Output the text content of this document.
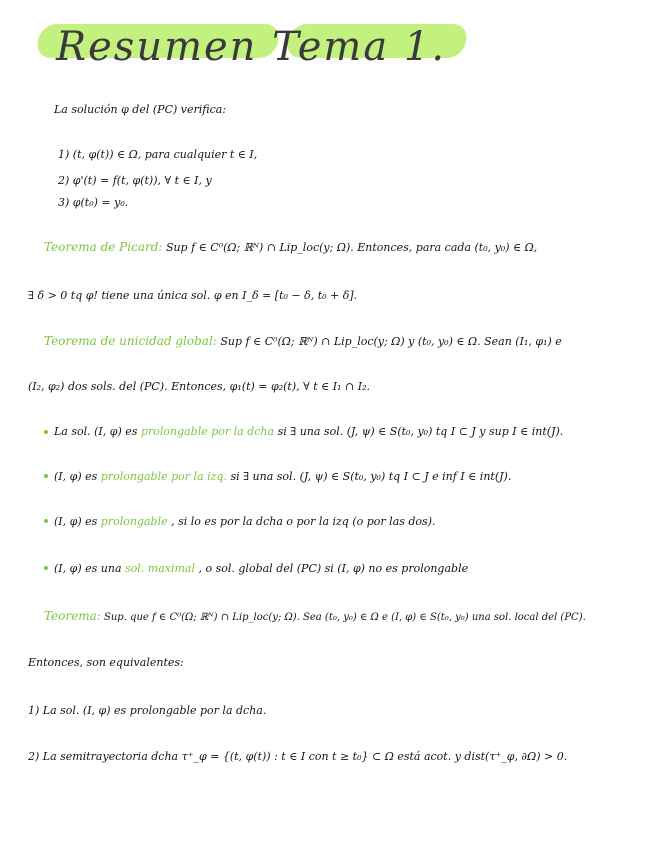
Resumen Tema 1.
La solución φ del (PC) verifica:
1) (t, φ(t)) ∈ Ω, para cualquier t ∈ I,
2) φ'(t) = f(t, φ(t)), ∀ t ∈ I, y
3) φ(t₀) = y₀.
Teorema de Picard: Sup f ∈ C⁰(Ω; ℝᴺ) ∩ Lip_loc(y; Ω). Entonces, para cada (t₀, y₀) ∈ Ω,
∃ δ > 0 tq φ! tiene una única sol. φ en I_δ = [t₀ − δ, t₀ + δ].
Teorema de unicidad global: Sup f ∈ C⁰(Ω; ℝᴺ) ∩ Lip_loc(y; Ω) y (t₀, y₀) ∈ Ω. Sean (I₁, φ₁) e
(I₂, φ₂) dos sols. del (PC). Entonces, φ₁(t) = φ₂(t), ∀ t ∈ I₁ ∩ I₂.
La sol. (I, φ) es prolongable por la dcha si ∃ una sol. (J, ψ) ∈ S(t₀, y₀) tq I ⊂ J y sup I ∈ int(J).
(I, φ) es prolongable por la izq. si ∃ una sol. (J, ψ) ∈ S(t₀, y₀) tq I ⊂ J e inf I ∈ int(J).
(I, φ) es prolongable , si lo es por la dcha o por la izq (o por las dos).
(I, φ) es una sol. maximal , o sol. global del (PC) si (I, φ) no es prolongable
Teorema: Sup. que f ∈ C⁰(Ω; ℝᴺ) ∩ Lip_loc(y; Ω). Sea (t₀, y₀) ∈ Ω e (I, φ) ∈ S(t₀, y₀) una sol. local del (PC).
Entonces, son equivalentes:
1) La sol. (I, φ) es prolongable por la dcha.
2) La semitrayectoria dcha τ⁺_φ = {(t, φ(t)) : t ∈ I con t ≥ t₀} ⊂ Ω está acot. y dist(τ⁺_φ, ∂Ω) > 0.
